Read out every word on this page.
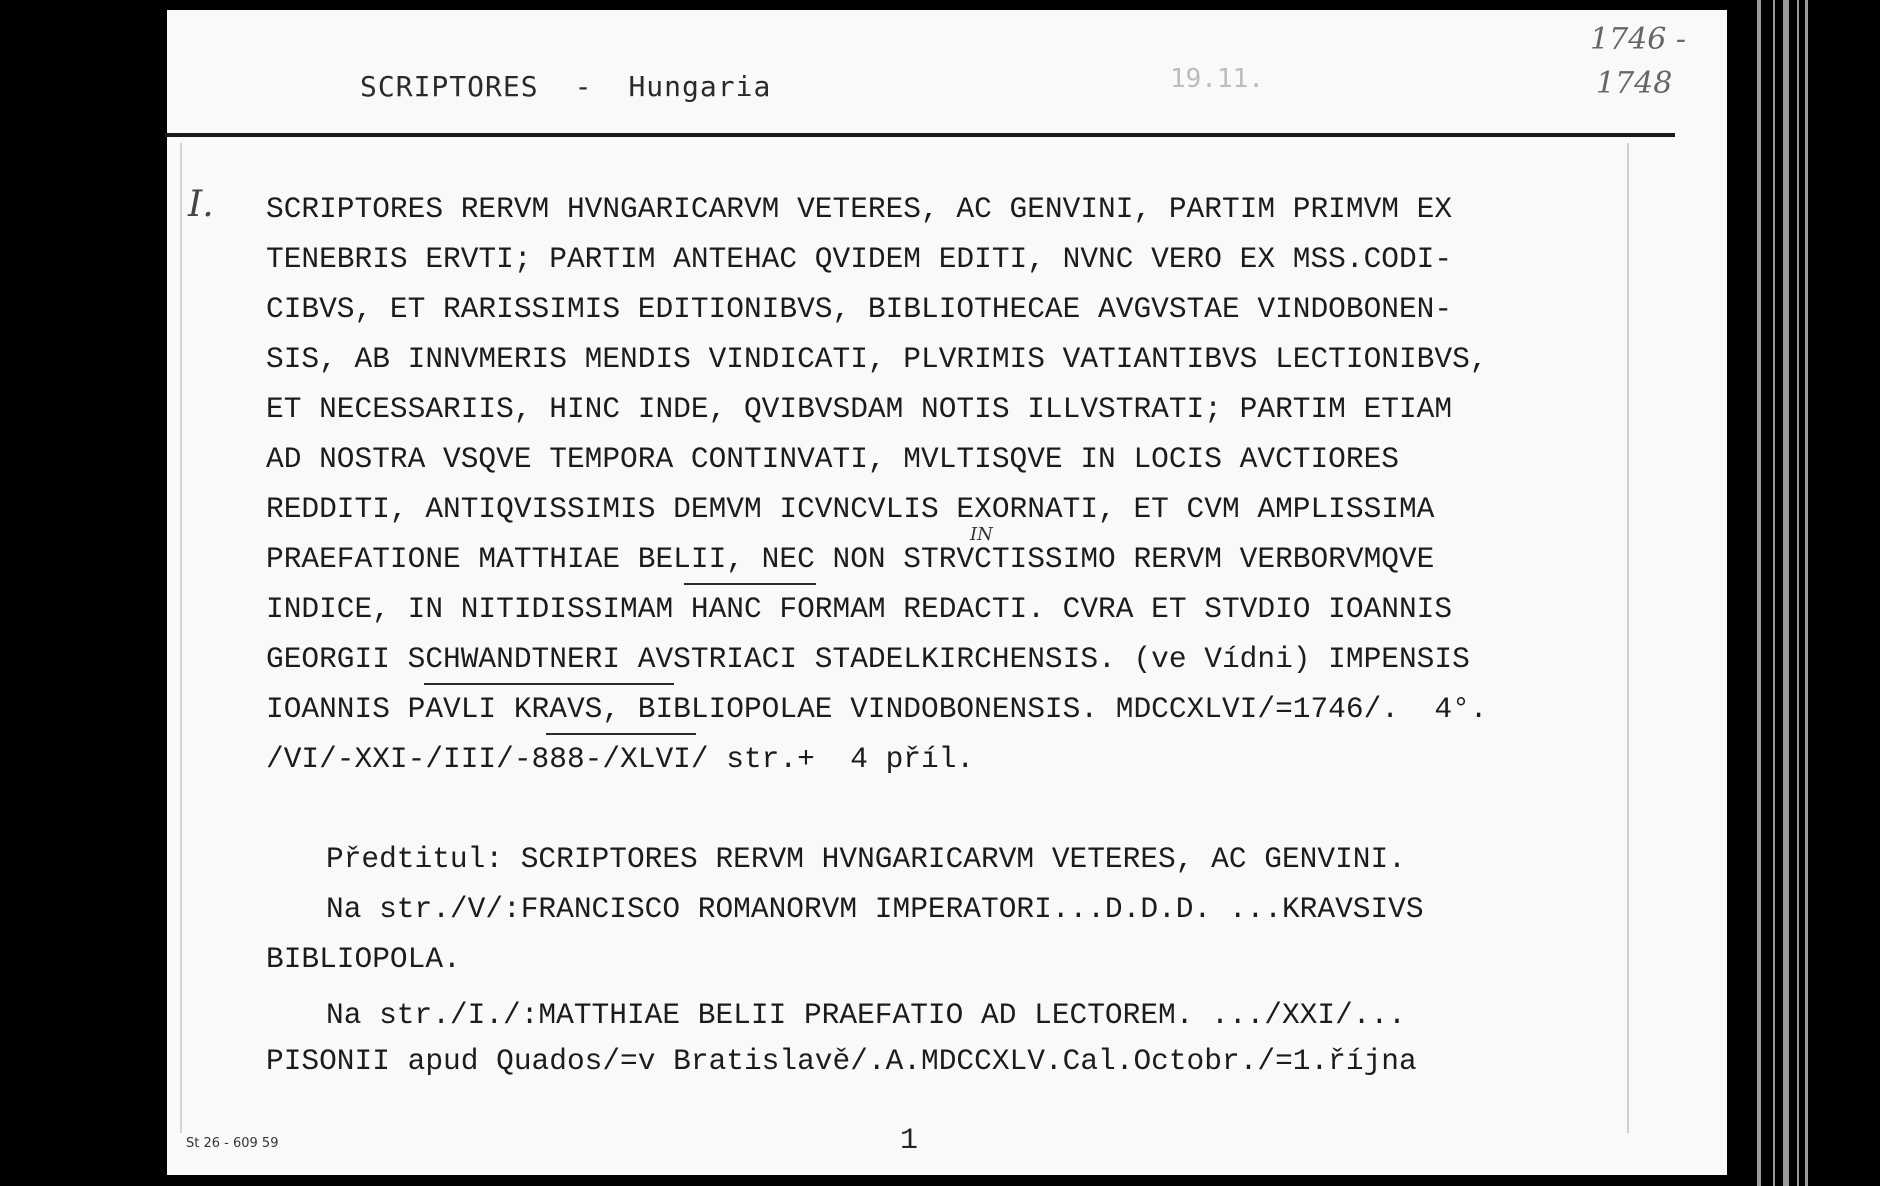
SCRIPTORES - Hungaria	19.11.
1746 -
1748
I. SCRIPTORES RERVM HVNGARICARVM VETERES, AC GENVINI, PARTIM PRIMVM EX
TENEBRIS ERVTI; PARTIM ANTEHAC QVIDEM EDITI, NVNC VERO EX MSS.CODI-
CIBVS, ET RARISSIMIS EDITIONIBVS, BIBLIOTHECAE AVGVSTAE VINDOBONEN-
SIS, AB INNVMERIS MENDIS VINDICATI, PLVRIMIS VATIANTIBVS LECTIONIBVS,
ET NECESSARIIS, HINC INDE, QVIBVSDAM NOTIS ILLVSTRATI; PARTIM ETIAM
AD NOSTRA VSQVE TEMPORA CONTINVATI, MVLTISQVE IN LOCIS AVCTIORES
REDDITI, ANTIQVISSIMIS DEMVM ICVNCVLIS EXORNATI, ET CVM AMPLISSIMA
PRAEFATIONE MATTHIAE BELII, NEC NON STRVCTISSIMO RERVM VERBORVMQVE
INDICE, IN NITIDISSIMAM HANC FORMAM REDACTI. CVRA ET STVDIO IOANNIS
GEORGII SCHWANDTNERI AVSTRIACI STADELKIRCHENSIS. (ve Vídni) IMPENSIS
IOANNIS PAVLI KRAVS, BIBLIOPOLAE VINDOBONENSIS. MDCCXLVI/=1746/.  4°.
/VI/-XXI-/III/-888-/XLVI/ str.+  4 příl.
IN
Předtitul: SCRIPTORES RERVM HVNGARICARVM VETERES, AC GENVINI.
Na str./V/:FRANCISCO ROMANORVM IMPERATORI...D.D.D. ...KRAVSIVS
BIBLIOPOLA.
Na str./I./:MATTHIAE BELII PRAEFATIO AD LECTOREM. .../XXI/...
PISONII apud Quados/=v Bratislavě/.A.MDCCXLV.Cal.Octobr./=1.října
St 26 - 609 59	1
